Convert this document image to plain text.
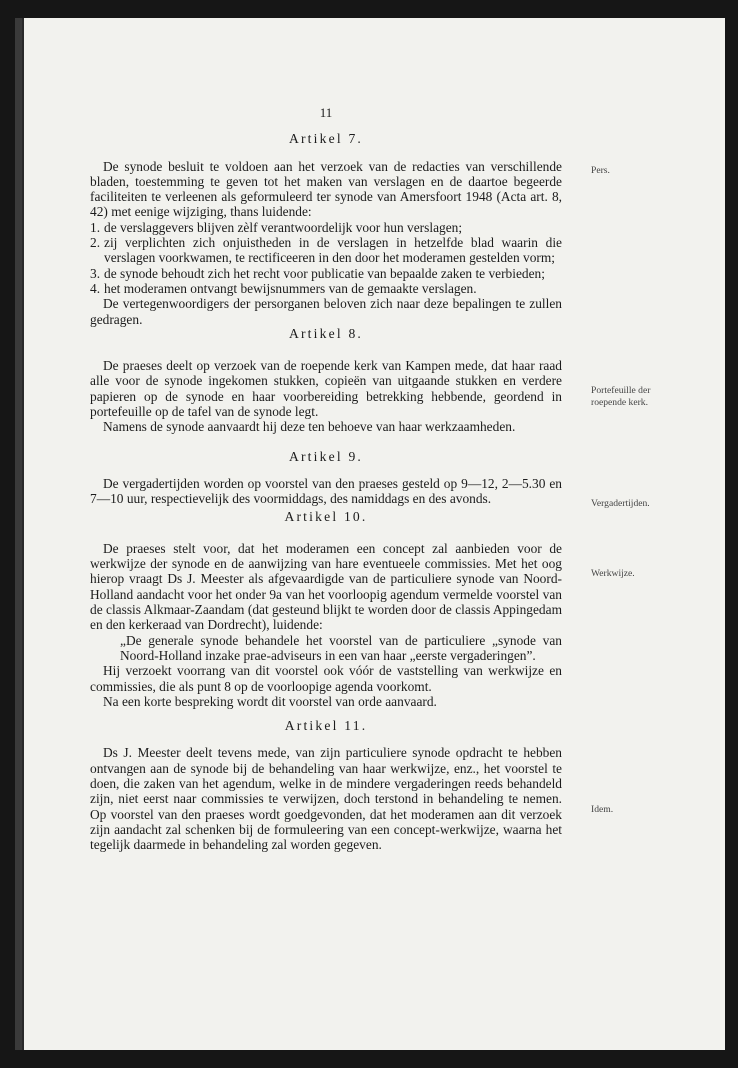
Pers.
Portefeuille der
roepende kerk.
Vergadertijden.
Werkwijze.
Idem.
11
Artikel 7.

De synode besluit te voldoen aan het verzoek van de redacties van verschillende bladen, toestemming te geven tot het maken van verslagen en de daartoe begeerde faciliteiten te verleenen als geformuleerd ter synode van Amersfoort 1948 (Acta art. 8, 42) met eenige wijziging, thans luidende:

1. de verslaggevers blijven zèlf verantwoordelijk voor hun verslagen;
2. zij verplichten zich onjuistheden in de verslagen in hetzelfde blad waarin die verslagen voorkwamen, te rectificeeren in den door het moderamen gestelden vorm;
3. de synode behoudt zich het recht voor publicatie van bepaalde zaken te verbieden;
4. het moderamen ontvangt bewijsnummers van de gemaakte verslagen.

De vertegenwoordigers der persorganen beloven zich naar deze bepalingen te zullen gedragen.

Artikel 8.

De praeses deelt op verzoek van de roepende kerk van Kampen mede, dat haar raad alle voor de synode ingekomen stukken, copieën van uitgaande stukken en verdere papieren op de synode en haar voorbereiding betrekking hebbende, geordend in portefeuille op de tafel van de synode legt.

Namens de synode aanvaardt hij deze ten behoeve van haar werkzaamheden.

Artikel 9.

De vergadertijden worden op voorstel van den praeses gesteld op 9—12, 2—5.30 en 7—10 uur, respectievelijk des voormiddags, des namiddags en des avonds.

Artikel 10.

De praeses stelt voor, dat het moderamen een concept zal aanbieden voor de werkwijze der synode en de aanwijzing van hare eventueele commissies. Met het oog hierop vraagt Ds J. Meester als afgevaardigde van de particuliere synode van Noord-Holland aandacht voor het onder 9a van het voorloopig agendum vermelde voorstel van de classis Alkmaar-Zaandam (dat gesteund blijkt te worden door de classis Appingedam en den kerkeraad van Dordrecht), luidende:

„De generale synode behandele het voorstel van de particuliere „synode van Noord-Holland inzake prae-adviseurs in een van haar „eerste vergaderingen”.

Hij verzoekt voorrang van dit voorstel ook vóór de vaststelling van werkwijze en commissies, die als punt 8 op de voorloopige agenda voorkomt.

Na een korte bespreking wordt dit voorstel van orde aanvaard.

Artikel 11.

Ds J. Meester deelt tevens mede, van zijn particuliere synode opdracht te hebben ontvangen aan de synode bij de behandeling van haar werkwijze, enz., het voorstel te doen, die zaken van het agendum, welke in de mindere vergaderingen reeds behandeld zijn, niet eerst naar commissies te verwijzen, doch terstond in behandeling te nemen. Op voorstel van den praeses wordt goedgevonden, dat het moderamen aan dit verzoek zijn aandacht zal schenken bij de formuleering van een concept-werkwijze, waarna het tegelijk daarmede in behandeling zal worden gegeven.
